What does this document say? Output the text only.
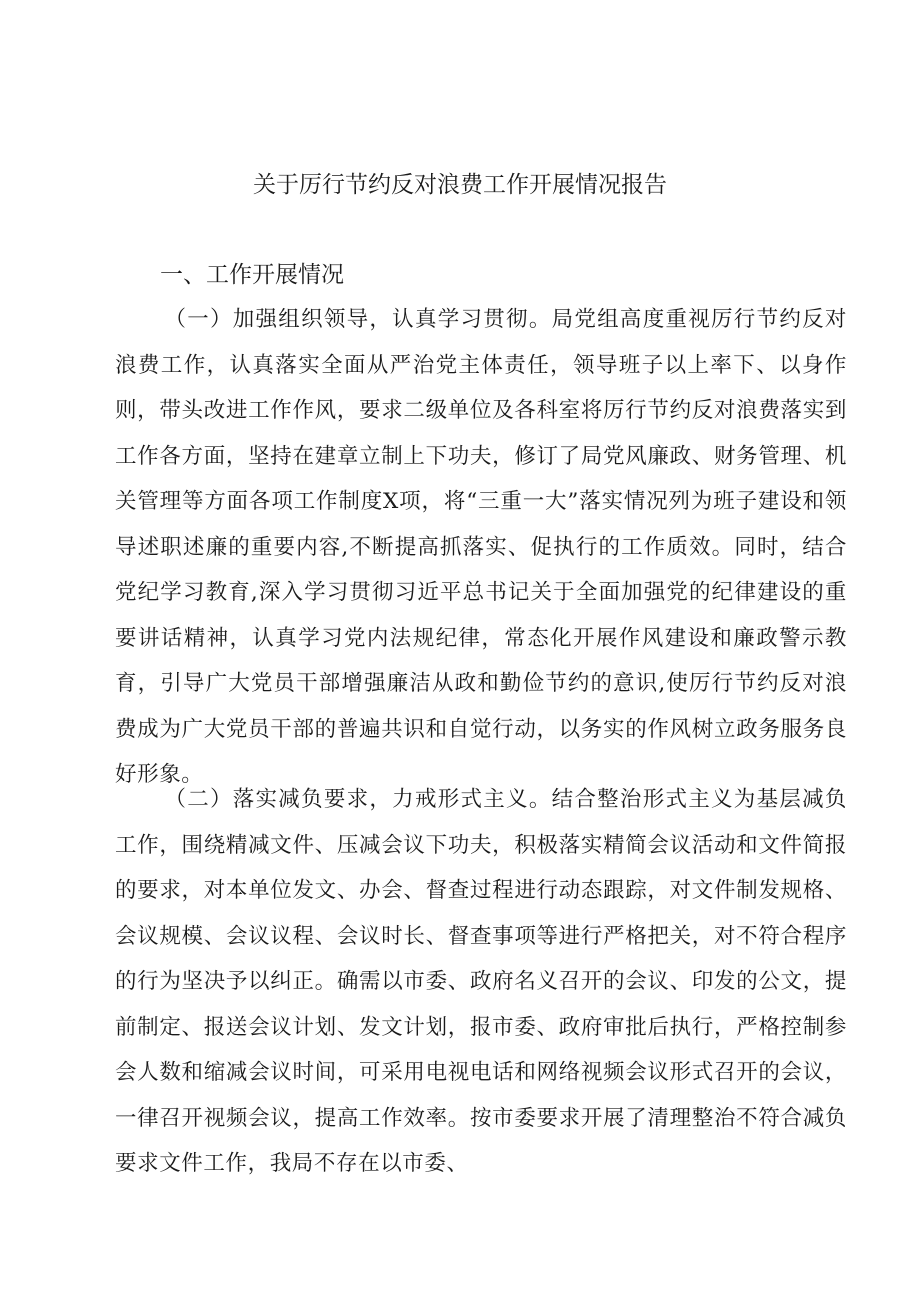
关于厉行节约反对浪费工作开展情况报告
一、工作开展情况

（一）加强组织领导，认真学习贯彻。局党组高度重视厉行节约反对浪费工作，认真落实全面从严治党主体责任，领导班子以上率下、以身作则，带头改进工作作风，要求二级单位及各科室将厉行节约反对浪费落实到工作各方面，坚持在建章立制上下功夫，修订了局党风廉政、财务管理、机关管理等方面各项工作制度X项，将“三重一大”落实情况列为班子建设和领导述职述廉的重要内容,不断提高抓落实、促执行的工作质效。同时，结合党纪学习教育,深入学习贯彻习近平总书记关于全面加强党的纪律建设的重要讲话精神，认真学习党内法规纪律，常态化开展作风建设和廉政警示教育，引导广大党员干部增强廉洁从政和勤俭节约的意识,使厉行节约反对浪费成为广大党员干部的普遍共识和自觉行动，以务实的作风树立政务服务良好形象。

（二）落实减负要求，力戒形式主义。结合整治形式主义为基层减负工作，围绕精减文件、压减会议下功夫，积极落实精简会议活动和文件简报的要求，对本单位发文、办会、督查过程进行动态跟踪，对文件制发规格、会议规模、会议议程、会议时长、督查事项等进行严格把关，对不符合程序的行为坚决予以纠正。确需以市委、政府名义召开的会议、印发的公文，提前制定、报送会议计划、发文计划，报市委、政府审批后执行，严格控制参会人数和缩减会议时间，可采用电视电话和网络视频会议形式召开的会议，一律召开视频会议，提高工作效率。按市委要求开展了清理整治不符合减负要求文件工作，我局不存在以市委、
